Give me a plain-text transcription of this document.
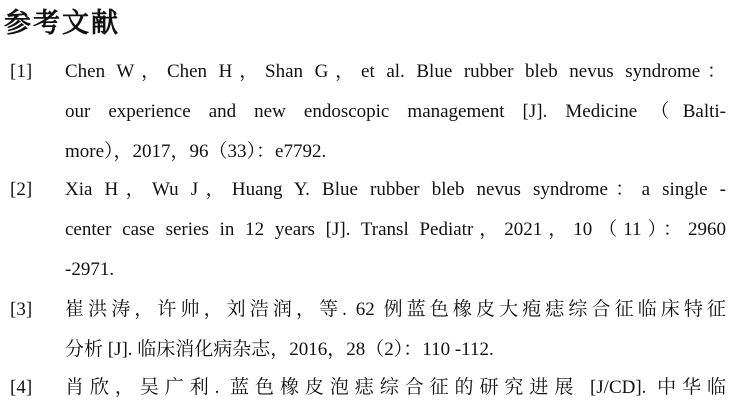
参考文献
[1] Chen W，Chen H，Shan G，et al. Blue rubber bleb nevus syndrome：
our experience and new endoscopic management [J]. Medicine（Balti-
more），2017，96（33）：e7792.
[2] Xia H，Wu J，Huang Y. Blue rubber bleb nevus syndrome：a single -
center case series in 12 years [J]. Transl Pediatr，2021，10（11）：2960
-2971.
[3] 崔洪涛，许帅，刘浩润，等. 62 例蓝色橡皮大疱痣综合征临床特征
分析 [J]. 临床消化病杂志，2016，28（2）：110 -112.
[4] 肖欣，吴广利. 蓝色橡皮泡痣综合征的研究进展 [J/CD]. 中华临
